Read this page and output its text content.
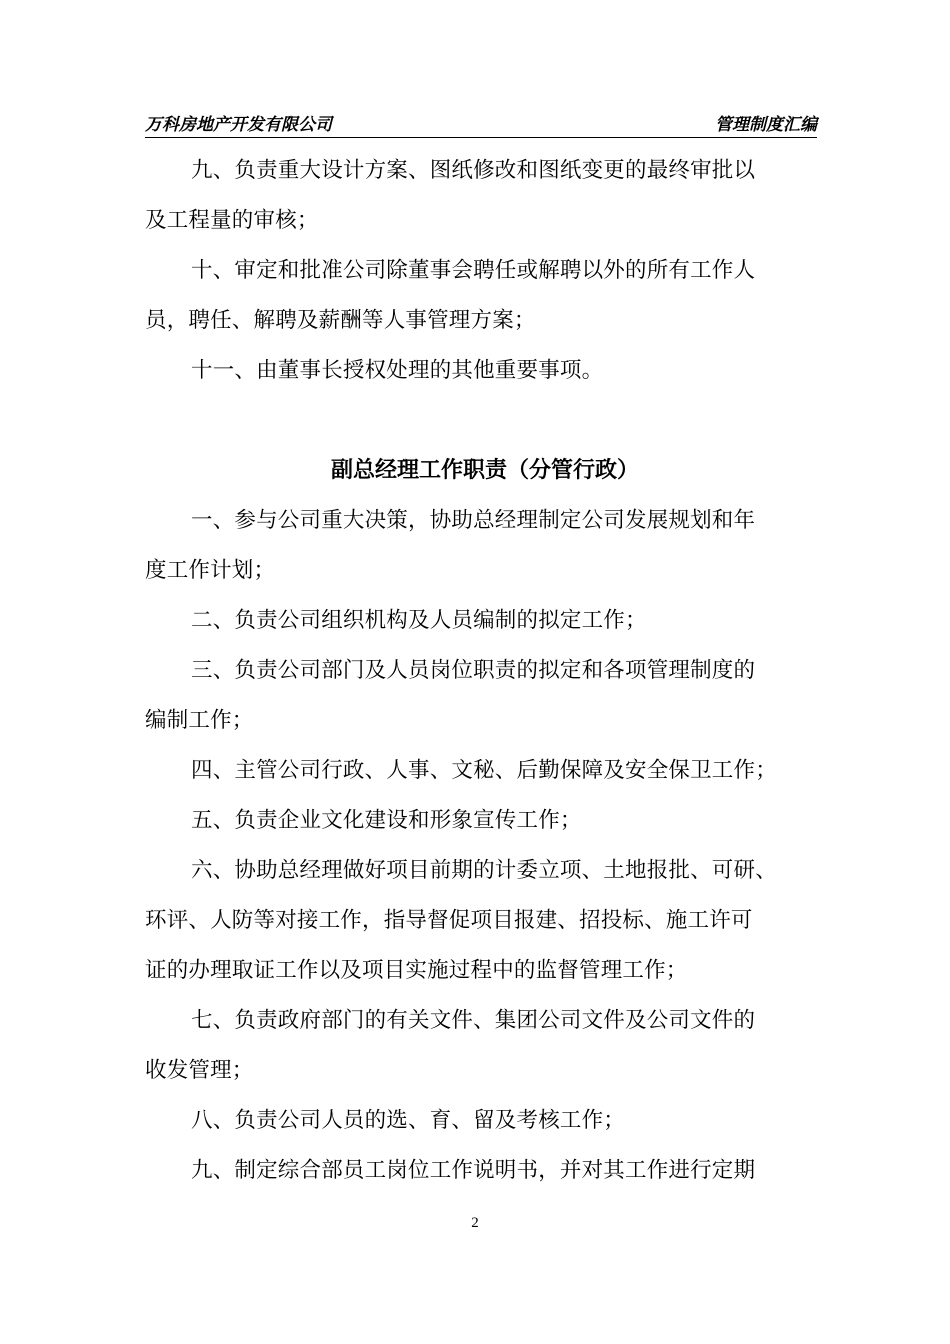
万科房地产开发有限公司	管理制度汇编

九、负责重大设计方案、图纸修改和图纸变更的最终审批以

及工程量的审核；

十、审定和批准公司除董事会聘任或解聘以外的所有工作人

员，聘任、解聘及薪酬等人事管理方案；

十一、由董事长授权处理的其他重要事项。

副总经理工作职责（分管行政）

一、参与公司重大决策，协助总经理制定公司发展规划和年

度工作计划；

二、负责公司组织机构及人员编制的拟定工作；

三、负责公司部门及人员岗位职责的拟定和各项管理制度的

编制工作；

四、主管公司行政、人事、文秘、后勤保障及安全保卫工作；

五、负责企业文化建设和形象宣传工作；

六、协助总经理做好项目前期的计委立项、土地报批、可研、

环评、人防等对接工作，指导督促项目报建、招投标、施工许可

证的办理取证工作以及项目实施过程中的监督管理工作；

七、负责政府部门的有关文件、集团公司文件及公司文件的

收发管理；

八、负责公司人员的选、育、留及考核工作；

九、制定综合部员工岗位工作说明书，并对其工作进行定期

2
